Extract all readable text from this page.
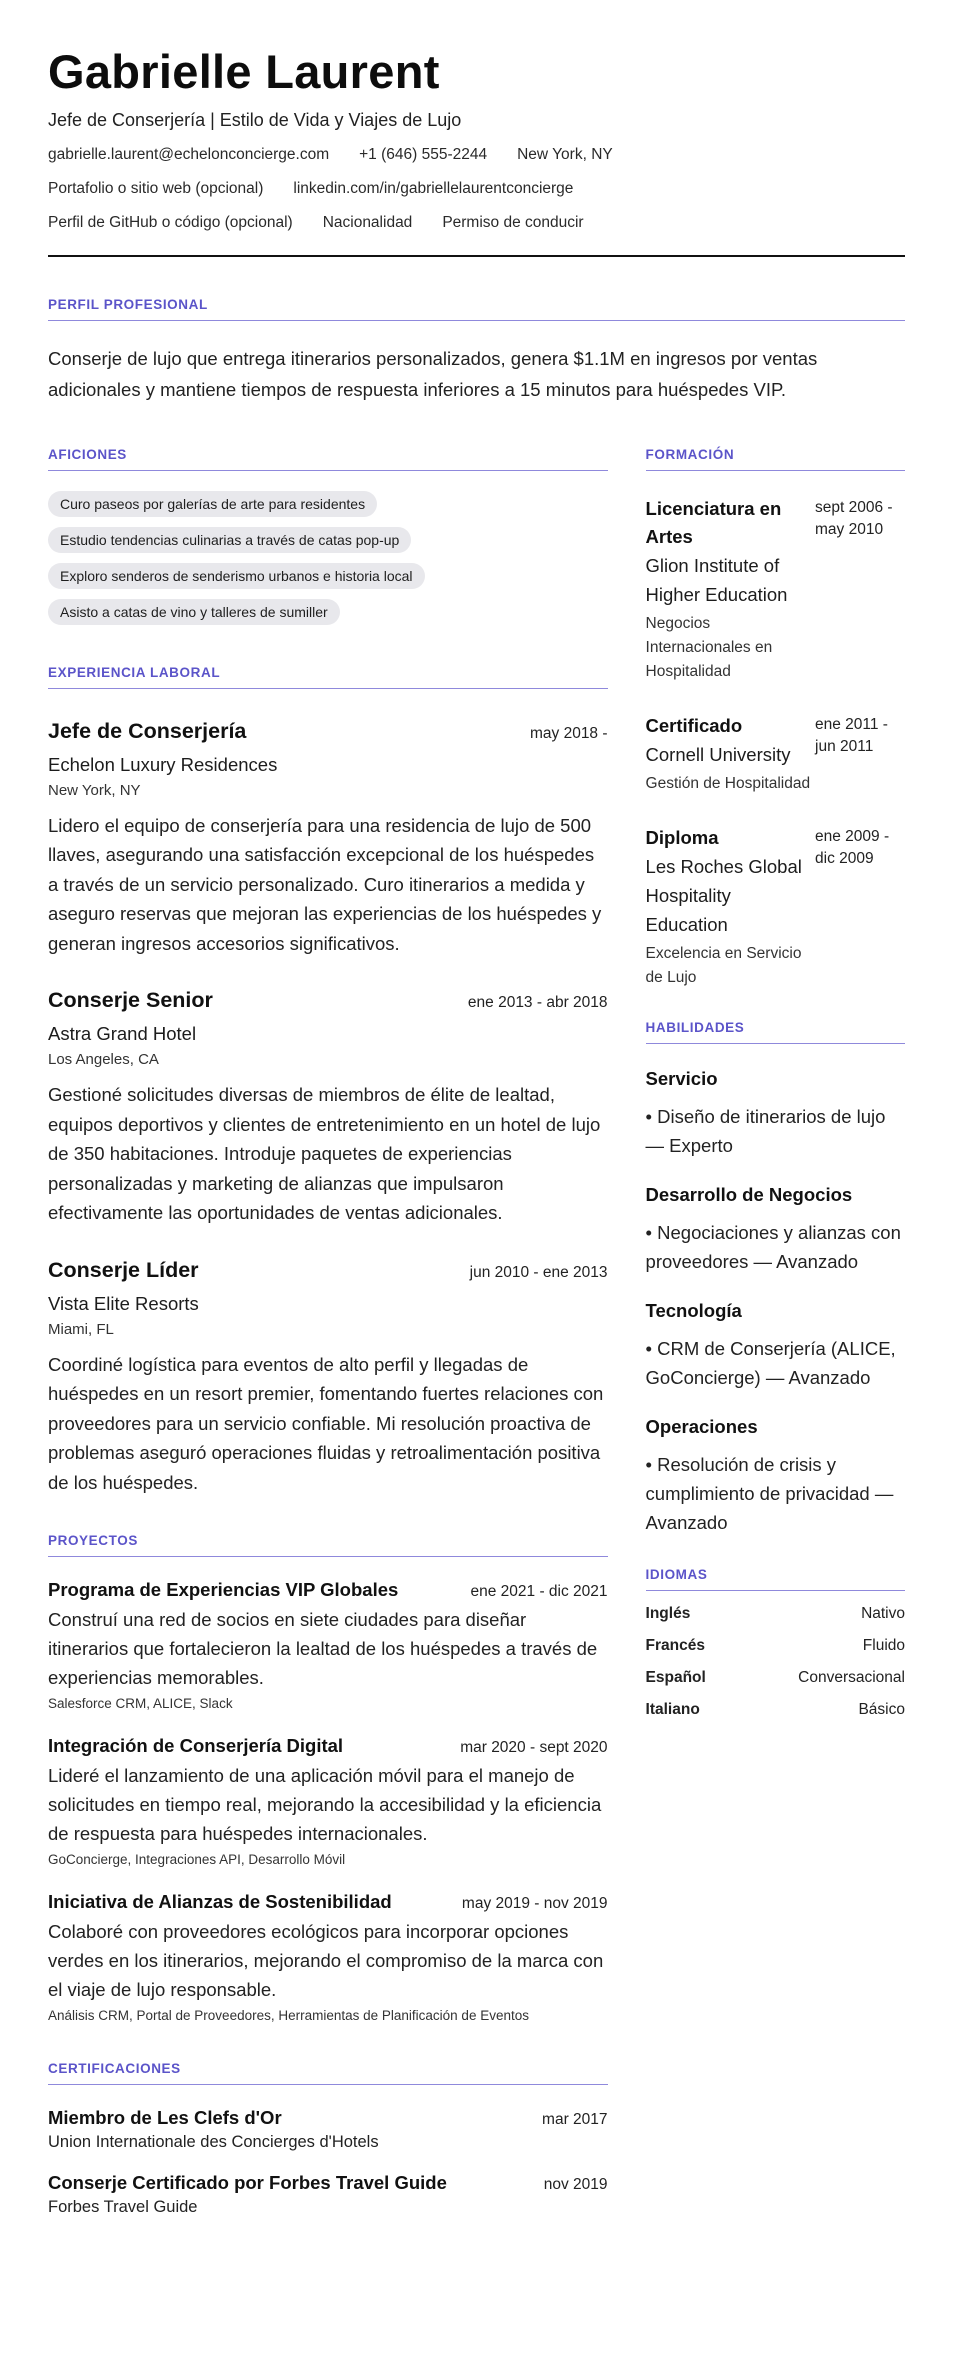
Gabrielle Laurent
Jefe de Conserjería | Estilo de Vida y Viajes de Lujo
gabrielle.laurent@echelonconcierge.com +1 (646) 555-2244 New York, NY
Portafolio o sitio web (opcional) linkedin.com/in/gabriellelaurentconcierge
Perfil de GitHub o código (opcional) Nacionalidad Permiso de conducir
PERFIL PROFESIONAL

Conserje de lujo que entrega itinerarios personalizados, genera $1.1M en ingresos por ventas adicionales y mantiene tiempos de respuesta inferiores a 15 minutos para huéspedes VIP.

AFICIONES
Curo paseos por galerías de arte para residentes
Estudio tendencias culinarias a través de catas pop-up
Exploro senderos de senderismo urbanos e historia local
Asisto a catas de vino y talleres de sumiller
EXPERIENCIA LABORAL
Jefe de Conserjería	may 2018 -
Echelon Luxury Residences
New York, NY
Lidero el equipo de conserjería para una residencia de lujo de 500 llaves, asegurando una satisfacción excepcional de los huéspedes a través de un servicio personalizado. Curo itinerarios a medida y aseguro reservas que mejoran las experiencias de los huéspedes y generan ingresos accesorios significativos.
Conserje Senior	ene 2013 - abr 2018
Astra Grand Hotel
Los Angeles, CA
Gestioné solicitudes diversas de miembros de élite de lealtad, equipos deportivos y clientes de entretenimiento en un hotel de lujo de 350 habitaciones. Introduje paquetes de experiencias personalizadas y marketing de alianzas que impulsaron efectivamente las oportunidades de ventas adicionales.
Conserje Líder	jun 2010 - ene 2013
Vista Elite Resorts
Miami, FL
Coordiné logística para eventos de alto perfil y llegadas de huéspedes en un resort premier, fomentando fuertes relaciones con proveedores para un servicio confiable. Mi resolución proactiva de problemas aseguró operaciones fluidas y retroalimentación positiva de los huéspedes.
PROYECTOS
Programa de Experiencias VIP Globales	ene 2021 - dic 2021
Construí una red de socios en siete ciudades para diseñar itinerarios que fortalecieron la lealtad de los huéspedes a través de experiencias memorables.
Salesforce CRM, ALICE, Slack
Integración de Conserjería Digital	mar 2020 - sept 2020
Lideré el lanzamiento de una aplicación móvil para el manejo de solicitudes en tiempo real, mejorando la accesibilidad y la eficiencia de respuesta para huéspedes internacionales.
GoConcierge, Integraciones API, Desarrollo Móvil
Iniciativa de Alianzas de Sostenibilidad	may 2019 - nov 2019
Colaboré con proveedores ecológicos para incorporar opciones verdes en los itinerarios, mejorando el compromiso de la marca con el viaje de lujo responsable.
Análisis CRM, Portal de Proveedores, Herramientas de Planificación de Eventos
CERTIFICACIONES
Miembro de Les Clefs d'Or	mar 2017
Union Internationale des Concierges d'Hotels
Conserje Certificado por Forbes Travel Guide	nov 2019
Forbes Travel Guide
FORMACIÓN
Licenciatura en Artes
Glion Institute of Higher Education
Negocios Internacionales en Hospitalidad
sept 2006 - may 2010
Certificado
Cornell University
Gestión de Hospitalidad
ene 2011 - jun 2011
Diploma
Les Roches Global Hospitality Education
Excelencia en Servicio de Lujo
ene 2009 - dic 2009
HABILIDADES
Servicio
• Diseño de itinerarios de lujo — Experto
Desarrollo de Negocios
• Negociaciones y alianzas con proveedores — Avanzado
Tecnología
• CRM de Conserjería (ALICE, GoConcierge) — Avanzado
Operaciones
• Resolución de crisis y cumplimiento de privacidad — Avanzado
IDIOMAS
Inglés	Nativo
Francés	Fluido
Español	Conversacional
Italiano	Básico
